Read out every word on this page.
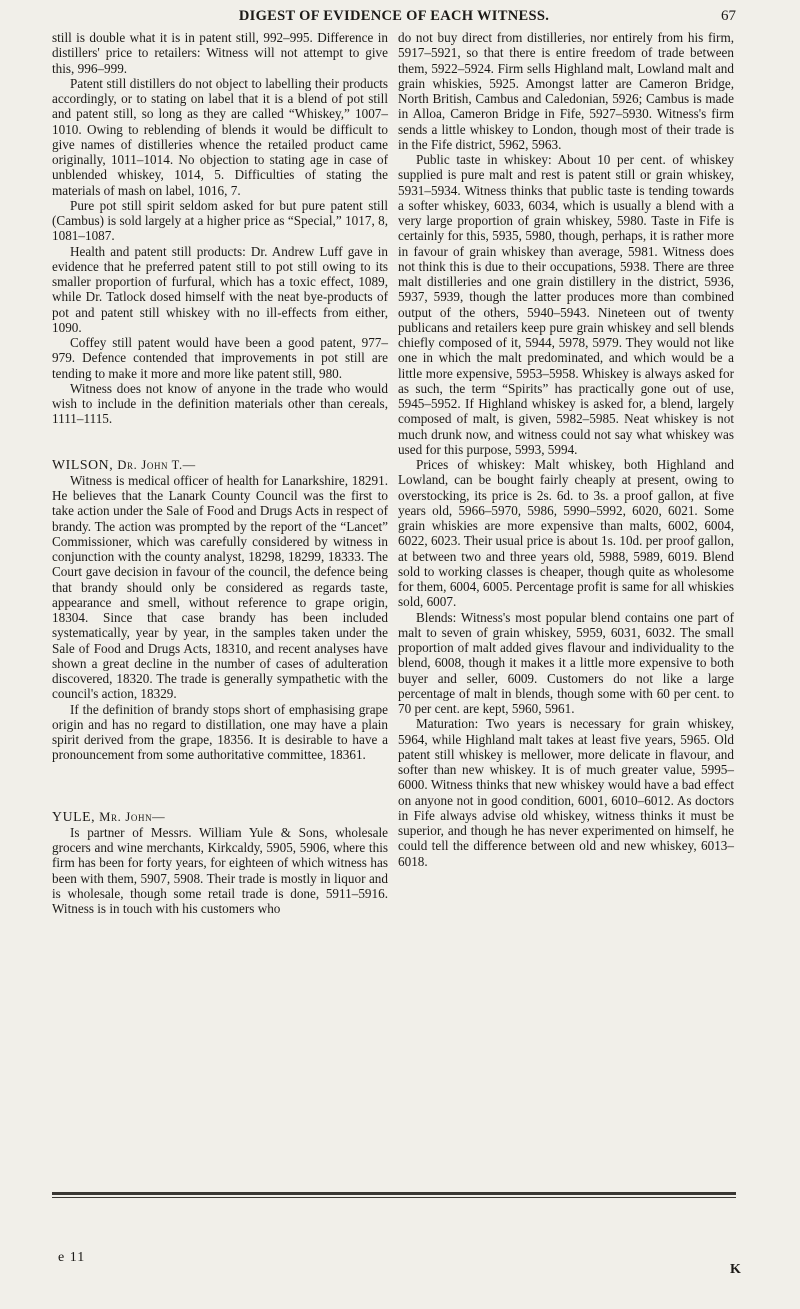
DIGEST OF EVIDENCE OF EACH WITNESS.	67

still is double what it is in patent still, 992–995. Difference in distillers' price to retailers: Witness will not attempt to give this, 996–999.

Patent still distillers do not object to labelling their products accordingly, or to stating on label that it is a blend of pot still and patent still, so long as they are called “Whiskey,” 1007–1010. Owing to reblending of blends it would be difficult to give names of distilleries whence the retailed product came originally, 1011–1014. No objection to stating age in case of unblended whiskey, 1014, 5. Difficulties of stating the materials of mash on label, 1016, 7.

Pure pot still spirit seldom asked for but pure patent still (Cambus) is sold largely at a higher price as “Special,” 1017, 8, 1081–1087.

Health and patent still products: Dr. Andrew Luff gave in evidence that he preferred patent still to pot still owing to its smaller proportion of furfural, which has a toxic effect, 1089, while Dr. Tatlock dosed himself with the neat bye-products of pot and patent still whiskey with no ill-effects from either, 1090.

Coffey still patent would have been a good patent, 977–979. Defence contended that improvements in pot still are tending to make it more and more like patent still, 980.

Witness does not know of anyone in the trade who would wish to include in the definition materials other than cereals, 1111–1115.

WILSON, Dr. John T.—

Witness is medical officer of health for Lanarkshire, 18291. He believes that the Lanark County Council was the first to take action under the Sale of Food and Drugs Acts in respect of brandy. The action was prompted by the report of the “Lancet” Commissioner, which was carefully considered by witness in conjunction with the county analyst, 18298, 18299, 18333. The Court gave decision in favour of the council, the defence being that brandy should only be considered as regards taste, appearance and smell, without reference to grape origin, 18304. Since that case brandy has been included systematically, year by year, in the samples taken under the Sale of Food and Drugs Acts, 18310, and recent analyses have shown a great decline in the number of cases of adulteration discovered, 18320. The trade is generally sympathetic with the council's action, 18329.

If the definition of brandy stops short of emphasising grape origin and has no regard to distillation, one may have a plain spirit derived from the grape, 18356. It is desirable to have a pronouncement from some authoritative committee, 18361.

YULE, Mr. John—

Is partner of Messrs. William Yule & Sons, wholesale grocers and wine merchants, Kirkcaldy, 5905, 5906, where this firm has been for forty years, for eighteen of which witness has been with them, 5907, 5908. Their trade is mostly in liquor and is wholesale, though some retail trade is done, 5911–5916. Witness is in touch with his customers who

do not buy direct from distilleries, nor entirely from his firm, 5917–5921, so that there is entire freedom of trade between them, 5922–5924. Firm sells Highland malt, Lowland malt and grain whiskies, 5925. Amongst latter are Cameron Bridge, North British, Cambus and Caledonian, 5926; Cambus is made in Alloa, Cameron Bridge in Fife, 5927–5930. Witness's firm sends a little whiskey to London, though most of their trade is in the Fife district, 5962, 5963.

Public taste in whiskey: About 10 per cent. of whiskey supplied is pure malt and rest is patent still or grain whiskey, 5931–5934. Witness thinks that public taste is tending towards a softer whiskey, 6033, 6034, which is usually a blend with a very large proportion of grain whiskey, 5980. Taste in Fife is certainly for this, 5935, 5980, though, perhaps, it is rather more in favour of grain whiskey than average, 5981. Witness does not think this is due to their occupations, 5938. There are three malt distilleries and one grain distillery in the district, 5936, 5937, 5939, though the latter produces more than combined output of the others, 5940–5943. Nineteen out of twenty publicans and retailers keep pure grain whiskey and sell blends chiefly composed of it, 5944, 5978, 5979. They would not like one in which the malt predominated, and which would be a little more expensive, 5953–5958. Whiskey is always asked for as such, the term “Spirits” has practically gone out of use, 5945–5952. If Highland whiskey is asked for, a blend, largely composed of malt, is given, 5982–5985. Neat whiskey is not much drunk now, and witness could not say what whiskey was used for this purpose, 5993, 5994.

Prices of whiskey: Malt whiskey, both Highland and Lowland, can be bought fairly cheaply at present, owing to overstocking, its price is 2s. 6d. to 3s. a proof gallon, at five years old, 5966–5970, 5986, 5990–5992, 6020, 6021. Some grain whiskies are more expensive than malts, 6002, 6004, 6022, 6023. Their usual price is about 1s. 10d. per proof gallon, at between two and three years old, 5988, 5989, 6019. Blend sold to working classes is cheaper, though quite as wholesome for them, 6004, 6005. Percentage profit is same for all whiskies sold, 6007.

Blends: Witness's most popular blend contains one part of malt to seven of grain whiskey, 5959, 6031, 6032. The small proportion of malt added gives flavour and individuality to the blend, 6008, though it makes it a little more expensive to both buyer and seller, 6009. Customers do not like a large percentage of malt in blends, though some with 60 per cent. to 70 per cent. are kept, 5960, 5961.

Maturation: Two years is necessary for grain whiskey, 5964, while Highland malt takes at least five years, 5965. Old patent still whiskey is mellower, more delicate in flavour, and softer than new whiskey. It is of much greater value, 5995–6000. Witness thinks that new whiskey would have a bad effect on anyone not in good condition, 6001, 6010–6012. As doctors in Fife always advise old whiskey, witness thinks it must be superior, and though he has never experimented on himself, he could tell the difference between old and new whiskey, 6013–6018.

e 11
K
